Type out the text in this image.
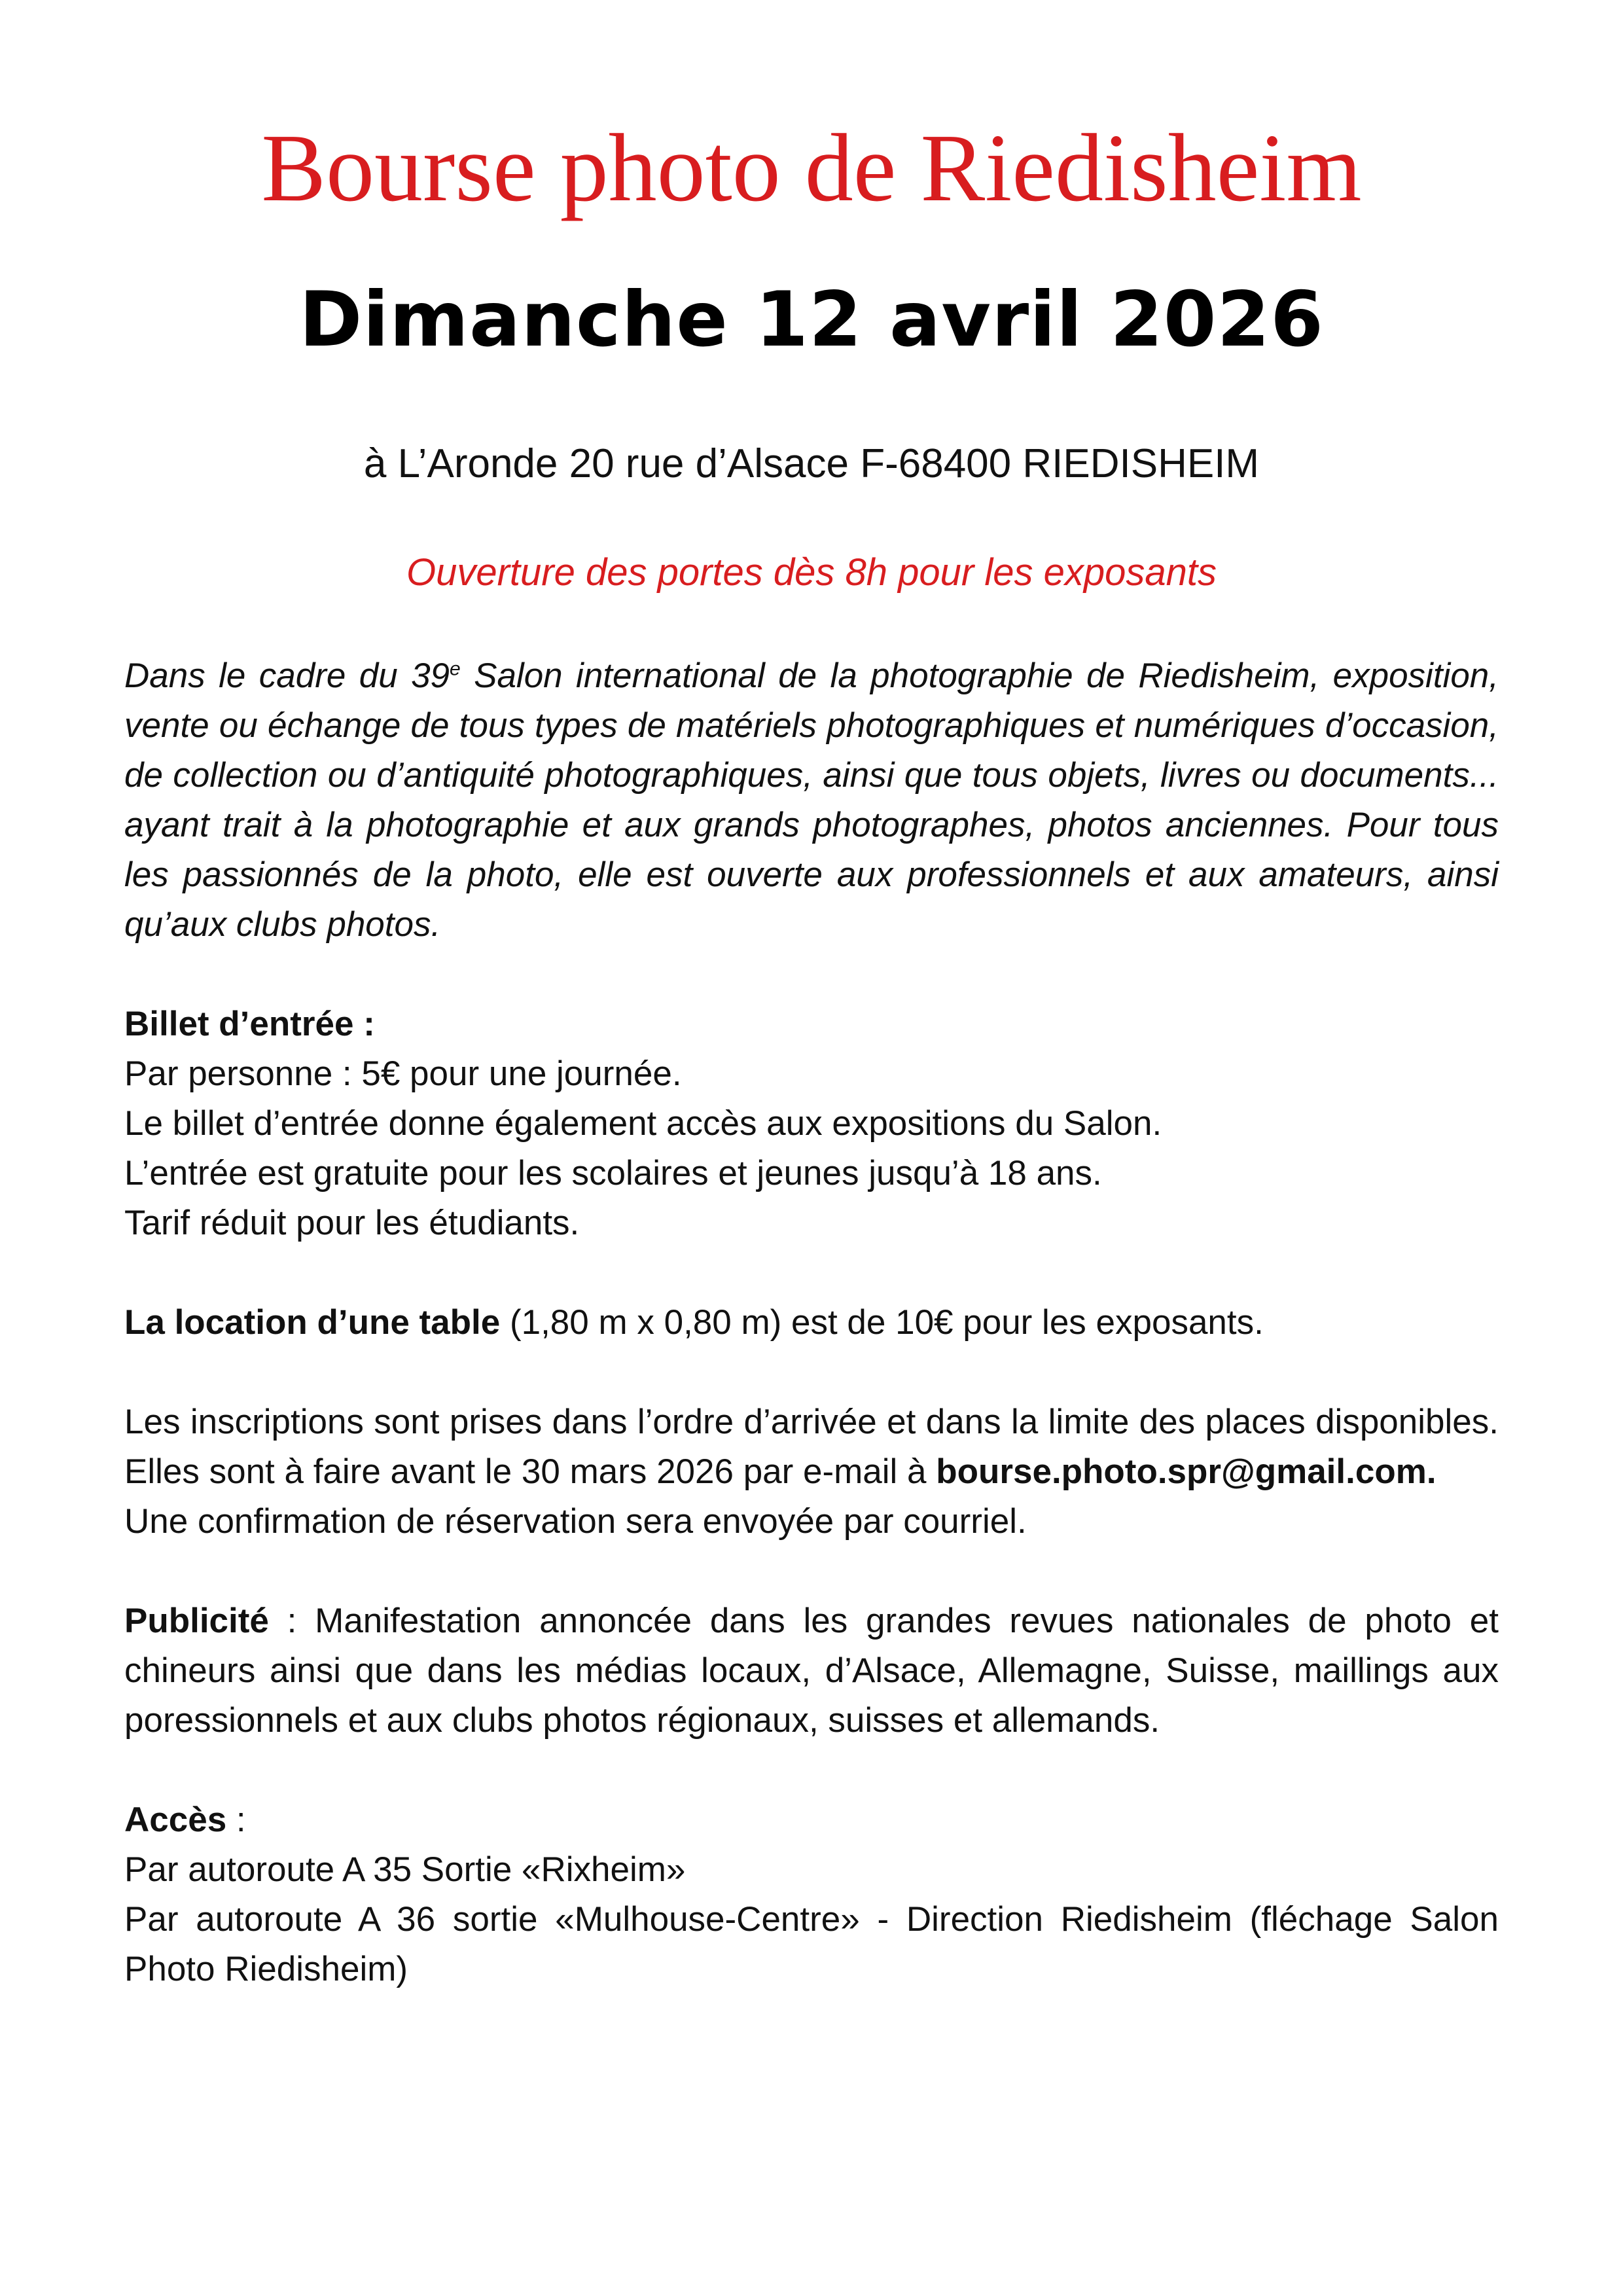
Bourse photo de Riedisheim
Dimanche 12 avril 2026
à L’Aronde 20 rue d’Alsace F-68400 RIEDISHEIM
Ouverture des portes dès 8h pour les exposants

Dans le cadre du 39e Salon international de la photographie de Riedisheim, exposition, vente ou échange de tous types de matériels photographiques et numériques d’occasion, de collection ou d’antiquité photographiques, ainsi que tous objets, livres ou documents... ayant trait à la photographie et aux grands photographes, photos anciennes. Pour tous les passionnés de la photo, elle est ouverte aux professionnels et aux amateurs, ainsi qu’aux clubs photos.

Billet d’entrée :
Par personne : 5€ pour une journée.
Le billet d’entrée donne également accès aux expositions du Salon.
L’entrée est gratuite pour les scolaires et jeunes jusqu’à 18 ans.
Tarif réduit pour les étudiants.
La location d’une table (1,80 m x 0,80 m) est de 10€ pour les exposants.
Les inscriptions sont prises dans l’ordre d’arrivée et dans la limite des places disponibles. Elles sont à faire avant le 30 mars 2026 par e-mail à bourse.photo.spr@gmail.com.
Une confirmation de réservation sera envoyée par courriel.
Publicité : Manifestation annoncée dans les grandes revues nationales de photo et chineurs ainsi que dans les médias locaux, d’Alsace, Allemagne, Suisse, maillings aux poressionnels et aux clubs photos régionaux, suisses et allemands.
Accès :
Par autoroute A 35 Sortie «Rixheim»
Par autoroute A 36 sortie «Mulhouse-Centre» - Direction Riedisheim (fléchage Salon Photo Riedisheim)
